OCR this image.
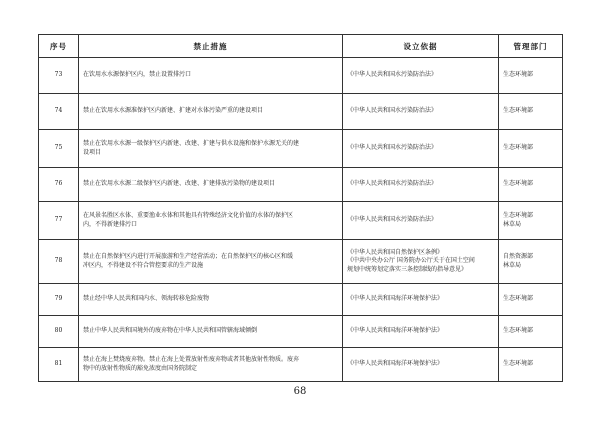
序号	禁止措施	设立依据	管理部门
73	在饮用水水源保护区内，禁止设置排污口	《中华人民共和国水污染防治法》	生态环境部

74	禁止在饮用水水源准保护区内新建、扩建对水体污染严重的建设项目	《中华人民共和国水污染防治法》	生态环境部

75	禁止在饮用水水源一级保护区内新建、改建、扩建与供水设施和保护水源无关的建
设项目	《中华人民共和国水污染防治法》	生态环境部

76	禁止在饮用水水源二级保护区内新建、改建、扩建排放污染物的建设项目	《中华人民共和国水污染防治法》	生态环境部

77	在风景名胜区水体、重要渔业水体和其他具有特殊经济文化价值的水体的保护区
内，不得新建排污口	《中华人民共和国水污染防治法》	生态环境部
林草局

78	禁止在自然保护区内进行开展旅游和生产经营活动；在自然保护区的核心区和缓
冲区内，不得建设不符合管控要求的生产设施	《中华人民共和国自然保护区条例》
《中共中央办公厅 国务院办公厅关于在国土空间
规划中统筹划定落实三条控制线的指导意见》	自然资源部
林草局

79	禁止经中华人民共和国内水、领海转移危险废物	《中华人民共和国海洋环境保护法》	生态环境部

80	禁止中华人民共和国境外的废弃物在中华人民共和国管辖海域倾倒	《中华人民共和国海洋环境保护法》	生态环境部

81	禁止在海上焚烧废弃物。禁止在海上处置放射性废弃物或者其他放射性物质。废弃
物中的放射性物质的豁免浓度由国务院制定	《中华人民共和国海洋环境保护法》	生态环境部
68
